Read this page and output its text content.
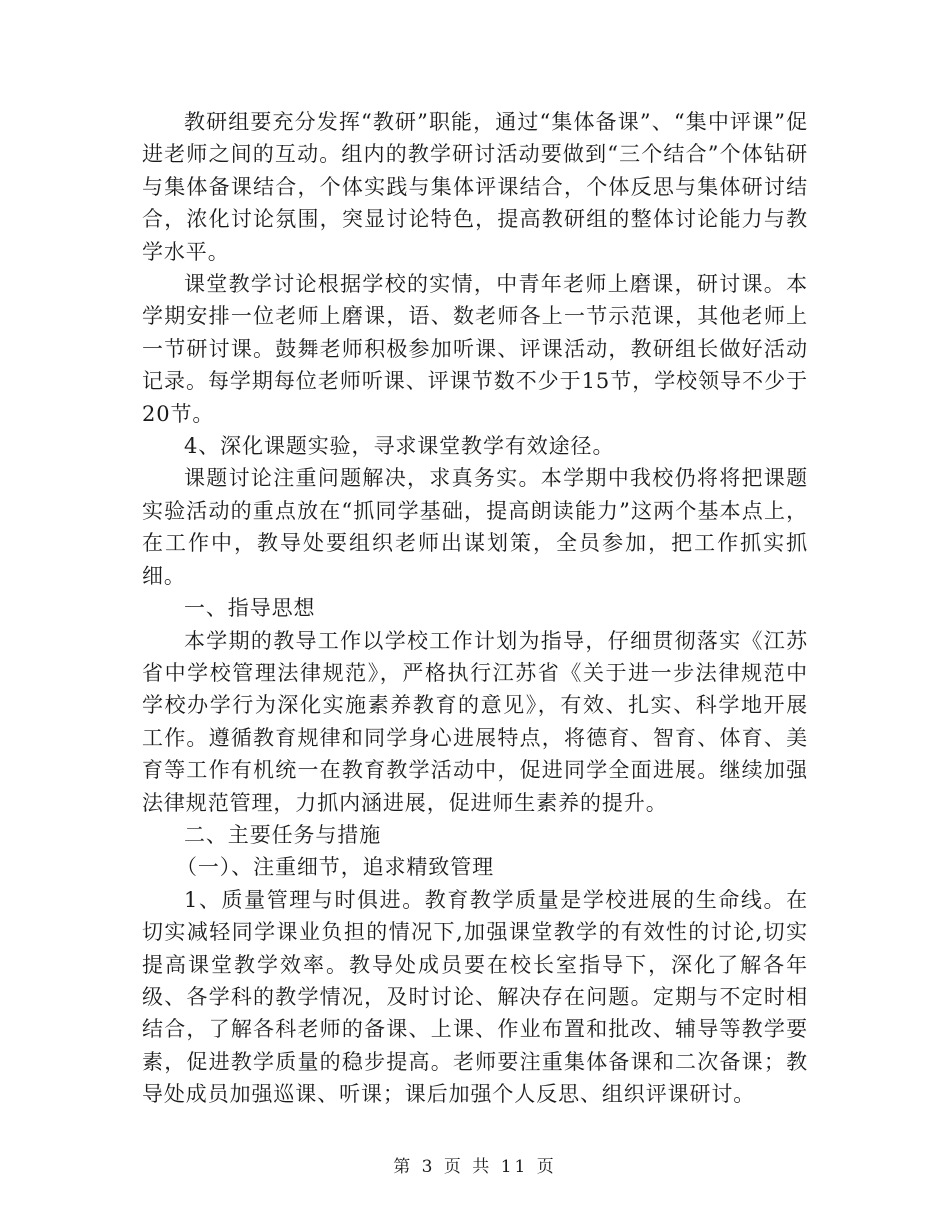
教研组要充分发挥“教研”职能，通过“集体备课”、“集中评课”促进老师之间的互动。组内的教学研讨活动要做到“三个结合”个体钻研与集体备课结合，个体实践与集体评课结合，个体反思与集体研讨结合，浓化讨论氛围，突显讨论特色，提高教研组的整体讨论能力与教学水平。

课堂教学讨论根据学校的实情，中青年老师上磨课，研讨课。本学期安排一位老师上磨课，语、数老师各上一节示范课，其他老师上一节研讨课。鼓舞老师积极参加听课、评课活动，教研组长做好活动记录。每学期每位老师听课、评课节数不少于15节，学校领导不少于20节。

4、深化课题实验，寻求课堂教学有效途径。

课题讨论注重问题解决，求真务实。本学期中我校仍将将把课题实验活动的重点放在“抓同学基础，提高朗读能力”这两个基本点上，在工作中，教导处要组织老师出谋划策，全员参加，把工作抓实抓细。

一、指导思想

本学期的教导工作以学校工作计划为指导，仔细贯彻落实《江苏省中学校管理法律规范》，严格执行江苏省《关于进一步法律规范中学校办学行为深化实施素养教育的意见》，有效、扎实、科学地开展工作。遵循教育规律和同学身心进展特点，将德育、智育、体育、美育等工作有机统一在教育教学活动中，促进同学全面进展。继续加强法律规范管理，力抓内涵进展，促进师生素养的提升。

二、主要任务与措施

（一）、注重细节，追求精致管理

1、质量管理与时俱进。教育教学质量是学校进展的生命线。在切实减轻同学课业负担的情况下,加强课堂教学的有效性的讨论,切实提高课堂教学效率。教导处成员要在校长室指导下，深化了解各年级、各学科的教学情况，及时讨论、解决存在问题。定期与不定时相结合，了解各科老师的备课、上课、作业布置和批改、辅导等教学要素，促进教学质量的稳步提高。老师要注重集体备课和二次备课；教导处成员加强巡课、听课；课后加强个人反思、组织评课研讨。

第 3 页 共 11 页
